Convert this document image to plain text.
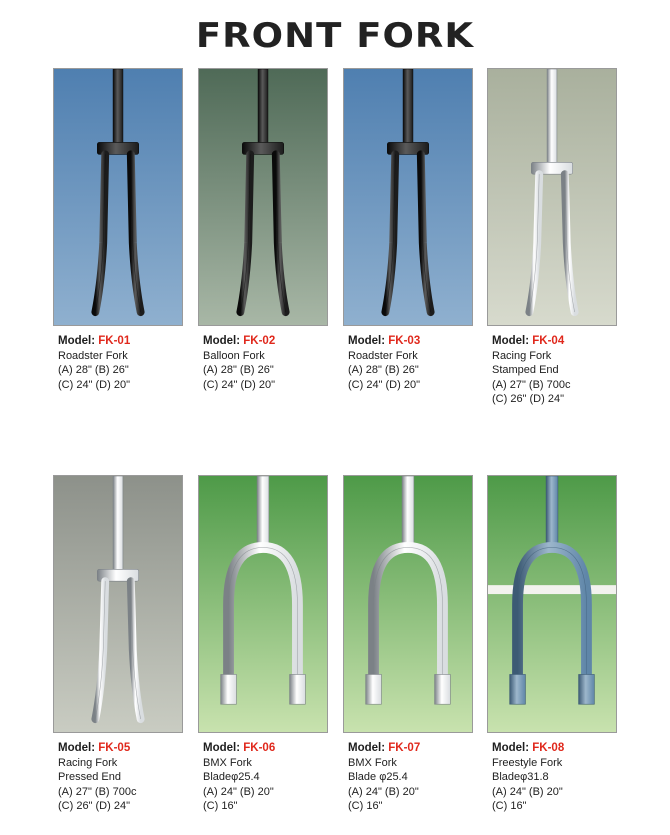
FRONT FORK
Model: FK-01
Roadster Fork
(A) 28" (B) 26"
(C) 24" (D) 20"
Model: FK-02
Balloon Fork
(A) 28" (B) 26"
(C) 24" (D) 20"
Model: FK-03
Roadster Fork
(A) 28" (B) 26"
(C) 24" (D) 20"
Model: FK-04
Racing Fork
Stamped End
(A) 27" (B) 700c
(C) 26" (D) 24"
Model: FK-05
Racing Fork
Pressed End
(A) 27" (B) 700c
(C) 26" (D) 24"
Model: FK-06
BMX Fork
Bladeφ25.4
(A) 24" (B) 20"
(C) 16"
Model: FK-07
BMX Fork
Blade φ25.4
(A) 24" (B) 20"
(C) 16"
Model: FK-08
Freestyle Fork
Bladeφ31.8
(A) 24" (B) 20"
(C) 16"
